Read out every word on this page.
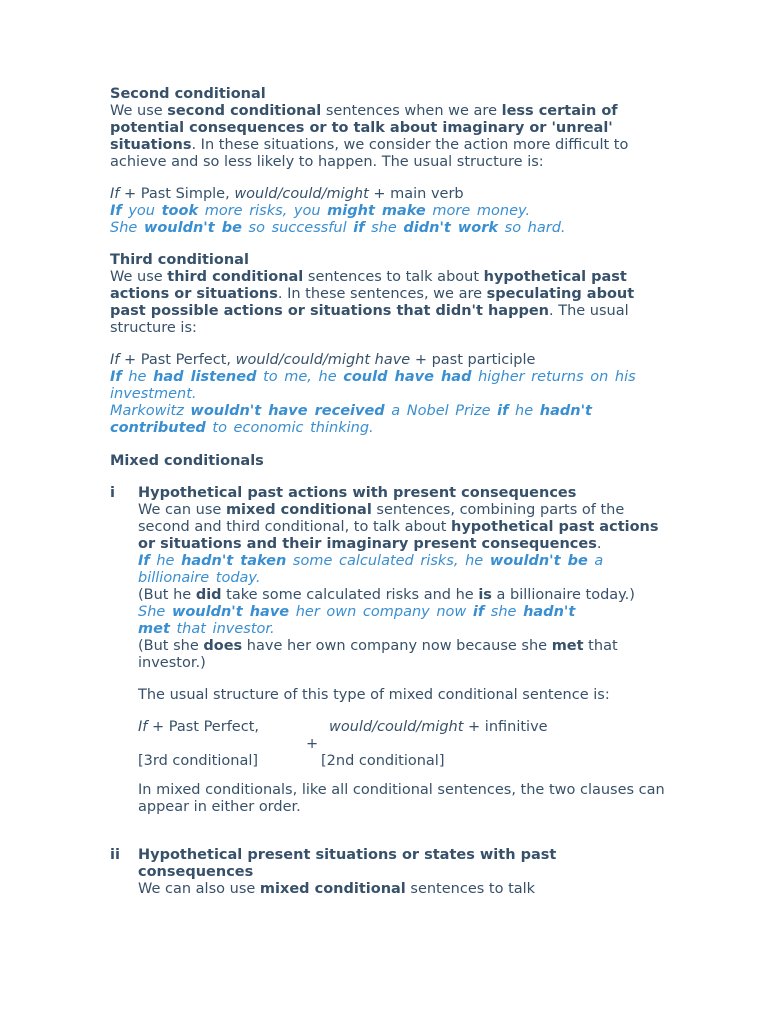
Second conditional

We use second conditional sentences when we are less certain of potential consequences or to talk about imaginary or 'unreal' situations. In these situations, we consider the action more difficult to achieve and so less likely to happen. The usual structure is:

If + Past Simple, would/could/might + main verb

If you took more risks, you might make more money.

She wouldn't be so successful if she didn't work so hard.

Third conditional

We use third conditional sentences to talk about hypothetical past actions or situations. In these sentences, we are speculating about past possible actions or situations that didn't happen. The usual structure is:

If + Past Perfect, would/could/might have + past participle

If he had listened to me, he could have had higher returns on his investment.

Markowitz wouldn't have received a Nobel Prize if he hadn't contributed to economic thinking.

Mixed conditionals

i Hypothetical past actions with present consequences

We can use mixed conditional sentences, combining parts of the second and third conditional, to talk about hypothetical past actions or situations and their imaginary present consequences.

If he hadn't taken some calculated risks, he wouldn't be a billionaire today.

(But he did take some calculated risks and he is a billionaire today.)

She wouldn't have her own company now if she hadn't met that investor.

(But she does have her own company now because she met that investor.)

The usual structure of this type of mixed conditional sentence is:

If + Past Perfect,	would/could/might + infinitive
+
[3rd conditional]	[2nd conditional]

In mixed conditionals, like all conditional sentences, the two clauses can appear in either order.

ii Hypothetical present situations or states with past consequences

We can also use mixed conditional sentences to talk
